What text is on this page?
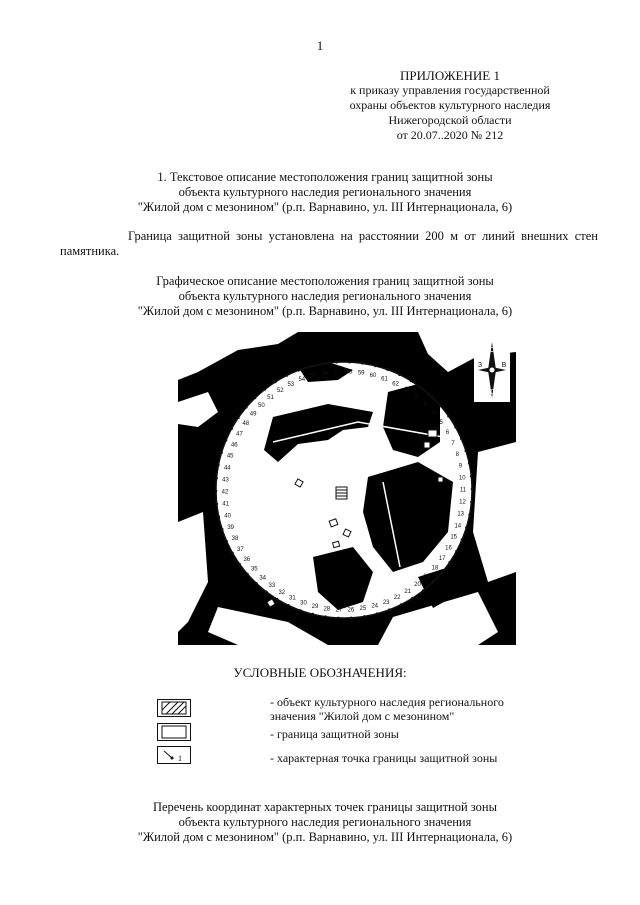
1
ПРИЛОЖЕНИЕ 1
к приказу управления государственной
охраны объектов культурного наследия
Нижегородской области
от 20.07..2020 № 212
1. Текстовое описание местоположения границ защитной зоны
объекта культурного наследия регионального значения
"Жилой дом с мезонином" (р.п. Варнавино, ул. III Интернационала, 6)
Граница защитной зоны установлена на расстоянии 200 м от линий внешних стен памятника.
Графическое описание местоположения границ защитной зоны
объекта культурного наследия регионального значения
"Жилой дом с мезонином" (р.п. Варнавино, ул. III Интернационала, 6)
1
2
3
4
5
6
7
8
9
10
11
12
13
14
15
16
17
18
19
20
21
22
23
24
25
26
27
28
29
30
31
32
33
34
35
36
37
38
39
40
41
42
43
44
45
46
47
48
49
50
51
52
53
54
55 56 57 58 59 60
61
62
С
З	В
Ю
УСЛОВНЫЕ ОБОЗНАЧЕНИЯ:
- объект культурного наследия регионального
значения "Жилой дом с мезонином"
- граница защитной зоны
1	- характерная точка границы защитной зоны
Перечень координат характерных точек границы защитной зоны
объекта культурного наследия регионального значения
"Жилой дом с мезонином" (р.п. Варнавино, ул. III Интернационала, 6)
